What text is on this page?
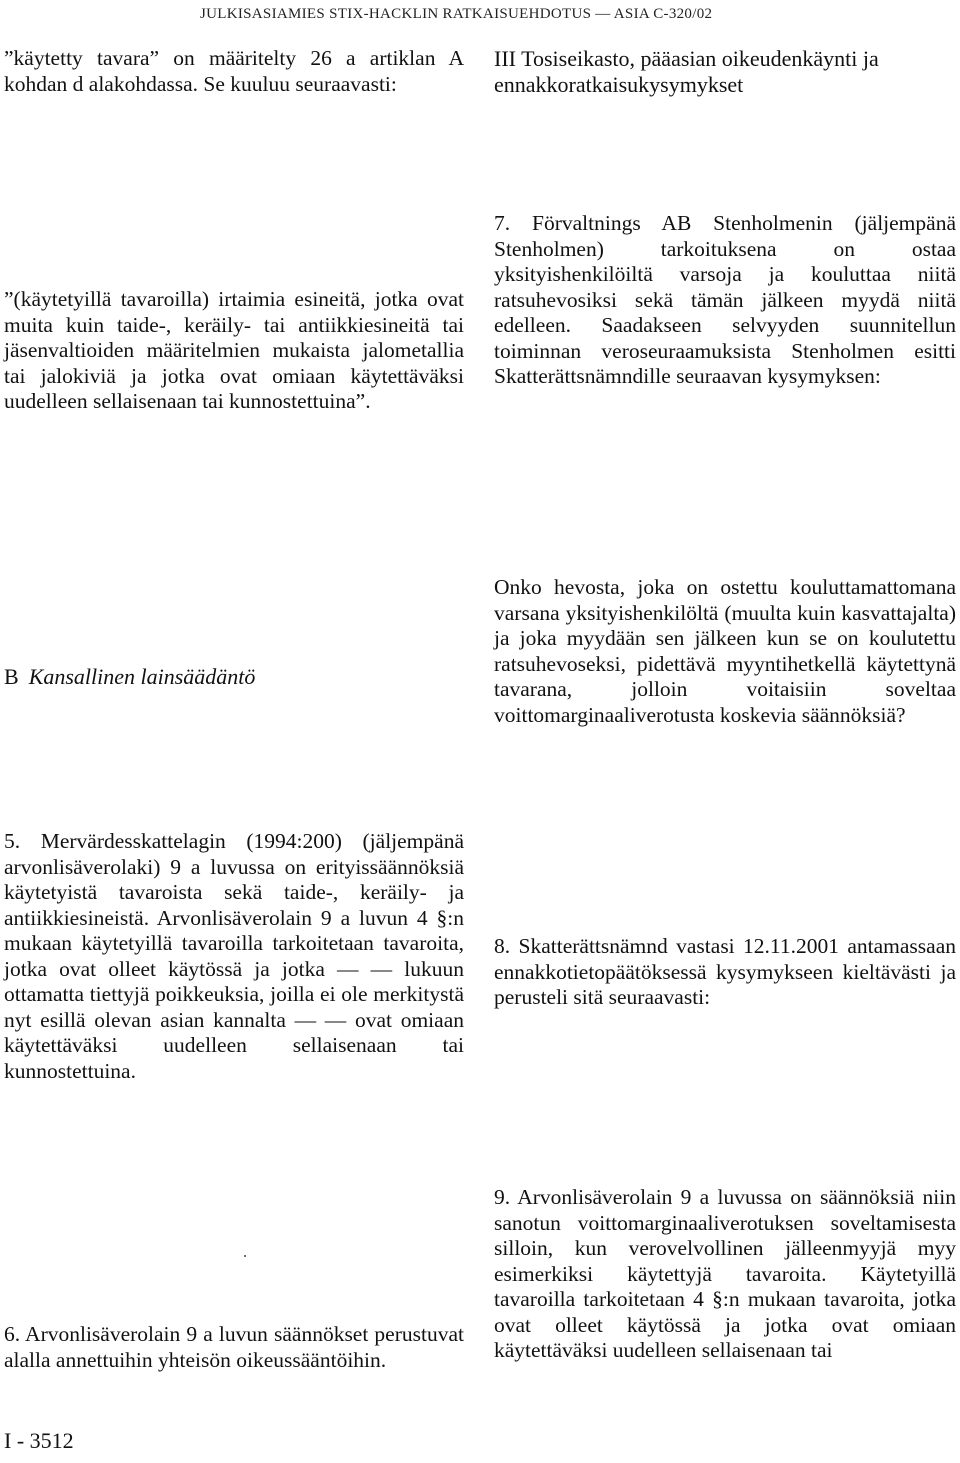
JULKISASIAMIES STIX-HACKLIN RATKAISUEHDOTUS — ASIA C-320/02
”käytetty tavara” on määritelty 26 a artiklan A kohdan d alakohdassa. Se kuuluu seuraavasti:
”(käytetyillä tavaroilla) irtaimia esineitä, jotka ovat muita kuin taide-, keräily- tai antiikkiesineitä tai jäsenvaltioiden määritelmien mukaista jalometallia tai jalokiviä ja jotka ovat omiaan käytettäväksi uudelleen sellaisenaan tai kunnostettuina”.
B Kansallinen lainsäädäntö
5. Mervärdesskattelagin (1994:200) (jäljempänä arvonlisäverolaki) 9 a luvussa on erityissäännöksiä käytetyistä tavaroista sekä taide-, keräily- ja antiikkiesineistä. Arvonlisäverolain 9 a luvun 4 §:n mukaan käytetyillä tavaroilla tarkoitetaan tavaroita, jotka ovat olleet käytössä ja jotka — — lukuun ottamatta tiettyjä poikkeuksia, joilla ei ole merkitystä nyt esillä olevan asian kannalta — — ovat omiaan käytettäväksi uudelleen sellaisenaan tai kunnostettuina.
6. Arvonlisäverolain 9 a luvun säännökset perustuvat alalla annettuihin yhteisön oikeussääntöihin.
I - 3512
III Tosiseikasto, pääasian oikeudenkäynti ja ennakkoratkaisukysymykset
7. Förvaltnings AB Stenholmenin (jäljempänä Stenholmen) tarkoituksena on ostaa yksityishenkilöiltä varsoja ja kouluttaa niitä ratsuhevosiksi sekä tämän jälkeen myydä niitä edelleen. Saadakseen selvyyden suunnitellun toiminnan veroseuraamuksista Stenholmen esitti Skatterättsnämndille seuraavan kysymyksen:
Onko hevosta, joka on ostettu kouluttamattomana varsana yksityishenkilöltä (muulta kuin kasvattajalta) ja joka myydään sen jälkeen kun se on koulutettu ratsuhevoseksi, pidettävä myyntihetkellä käytettynä tavarana, jolloin voitaisiin soveltaa voittomarginaaliverotusta koskevia säännöksiä?
8. Skatterättsnämnd vastasi 12.11.2001 antamassaan ennakkotietopäätöksessä kysymykseen kieltävästi ja perusteli sitä seuraavasti:
9. Arvonlisäverolain 9 a luvussa on säännöksiä niin sanotun voittomarginaaliverotuksen soveltamisesta silloin, kun verovelvollinen jälleenmyyjä myy esimerkiksi käytettyjä tavaroita. Käytetyillä tavaroilla tarkoitetaan 4 §:n mukaan tavaroita, jotka ovat olleet käytössä ja jotka ovat omiaan käytettäväksi uudelleen sellaisenaan tai
